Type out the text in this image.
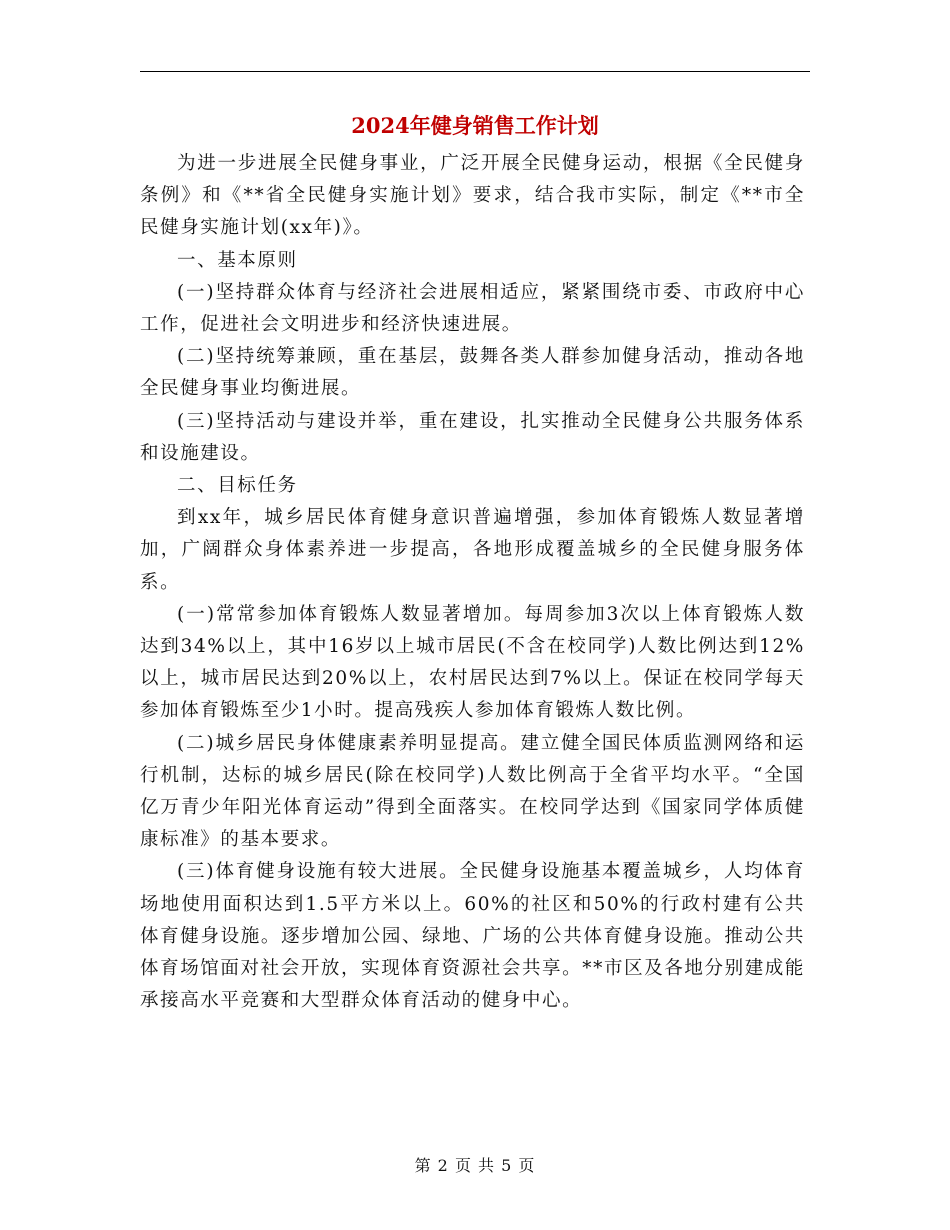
2024年健身销售工作计划

为进一步进展全民健身事业，广泛开展全民健身运动，根据《全民健身条例》和《**省全民健身实施计划》要求，结合我市实际，制定《**市全民健身实施计划(xx年)》。

一、基本原则

(一)坚持群众体育与经济社会进展相适应，紧紧围绕市委、市政府中心工作，促进社会文明进步和经济快速进展。

(二)坚持统筹兼顾，重在基层，鼓舞各类人群参加健身活动，推动各地全民健身事业均衡进展。

(三)坚持活动与建设并举，重在建设，扎实推动全民健身公共服务体系和设施建设。

二、目标任务

到xx年，城乡居民体育健身意识普遍增强，参加体育锻炼人数显著增加，广阔群众身体素养进一步提高，各地形成覆盖城乡的全民健身服务体系。

(一)常常参加体育锻炼人数显著增加。每周参加3次以上体育锻炼人数达到34%以上，其中16岁以上城市居民(不含在校同学)人数比例达到12%以上，城市居民达到20%以上，农村居民达到7%以上。保证在校同学每天参加体育锻炼至少1小时。提高残疾人参加体育锻炼人数比例。

(二)城乡居民身体健康素养明显提高。建立健全国民体质监测网络和运行机制，达标的城乡居民(除在校同学)人数比例高于全省平均水平。“全国亿万青少年阳光体育运动”得到全面落实。在校同学达到《国家同学体质健康标准》的基本要求。

(三)体育健身设施有较大进展。全民健身设施基本覆盖城乡，人均体育场地使用面积达到1.5平方米以上。60%的社区和50%的行政村建有公共体育健身设施。逐步增加公园、绿地、广场的公共体育健身设施。推动公共体育场馆面对社会开放，实现体育资源社会共享。**市区及各地分别建成能承接高水平竞赛和大型群众体育活动的健身中心。

第 2 页 共 5 页
